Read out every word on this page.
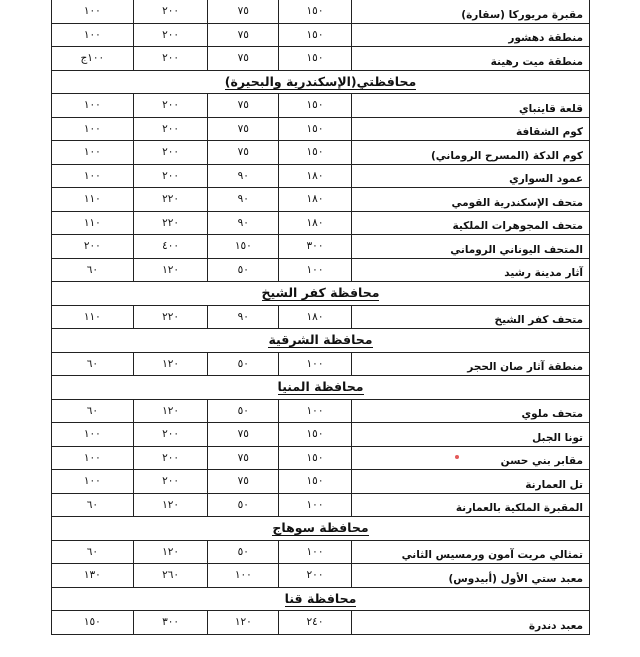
١٠٠	٢٠٠	٧٥	١٥٠	مقبرة مريوركا (سقارة)
١٠٠	٢٠٠	٧٥	١٥٠	منطقة دهشور
١٠٠ج	٢٠٠	٧٥	١٥٠	منطقة ميت رهينة
محافظتي(الإسكندرية والبحيرة)
١٠٠	٢٠٠	٧٥	١٥٠	قلعة قايتباي
١٠٠	٢٠٠	٧٥	١٥٠	كوم الشقافة
١٠٠	٢٠٠	٧٥	١٥٠	كوم الدكة (المسرح الروماني)
١٠٠	٢٠٠	٩٠	١٨٠	عمود السواري
١١٠	٢٢٠	٩٠	١٨٠	متحف الإسكندرية القومي
١١٠	٢٢٠	٩٠	١٨٠	متحف المجوهرات الملكية
٢٠٠	٤٠٠	١٥٠	٣٠٠	المتحف اليوناني الروماني
٦٠	١٢٠	٥٠	١٠٠	آثار مدينة رشيد
محافظة كفر الشيخ
١١٠	٢٢٠	٩٠	١٨٠	متحف كفر الشيخ
محافظة الشرقية
٦٠	١٢٠	٥٠	١٠٠	منطقة آثار صان الحجر
محافظة المنيا
٦٠	١٢٠	٥٠	١٠٠	متحف ملوي
١٠٠	٢٠٠	٧٥	١٥٠	تونا الجبل
١٠٠	٢٠٠	٧٥	١٥٠	مقابر بني حسن
١٠٠	٢٠٠	٧٥	١٥٠	تل العمارنة
٦٠	١٢٠	٥٠	١٠٠	المقبرة الملكية بالعمارنة
محافظة سوهاج
٦٠	١٢٠	٥٠	١٠٠	تمثالي مريت آمون ورمسيس الثاني
١٣٠	٢٦٠	١٠٠	٢٠٠	معبد ستي الأول (أبيدوس)
محافظة قنا
١٥٠	٣٠٠	١٢٠	٢٤٠	معبد دندرة
